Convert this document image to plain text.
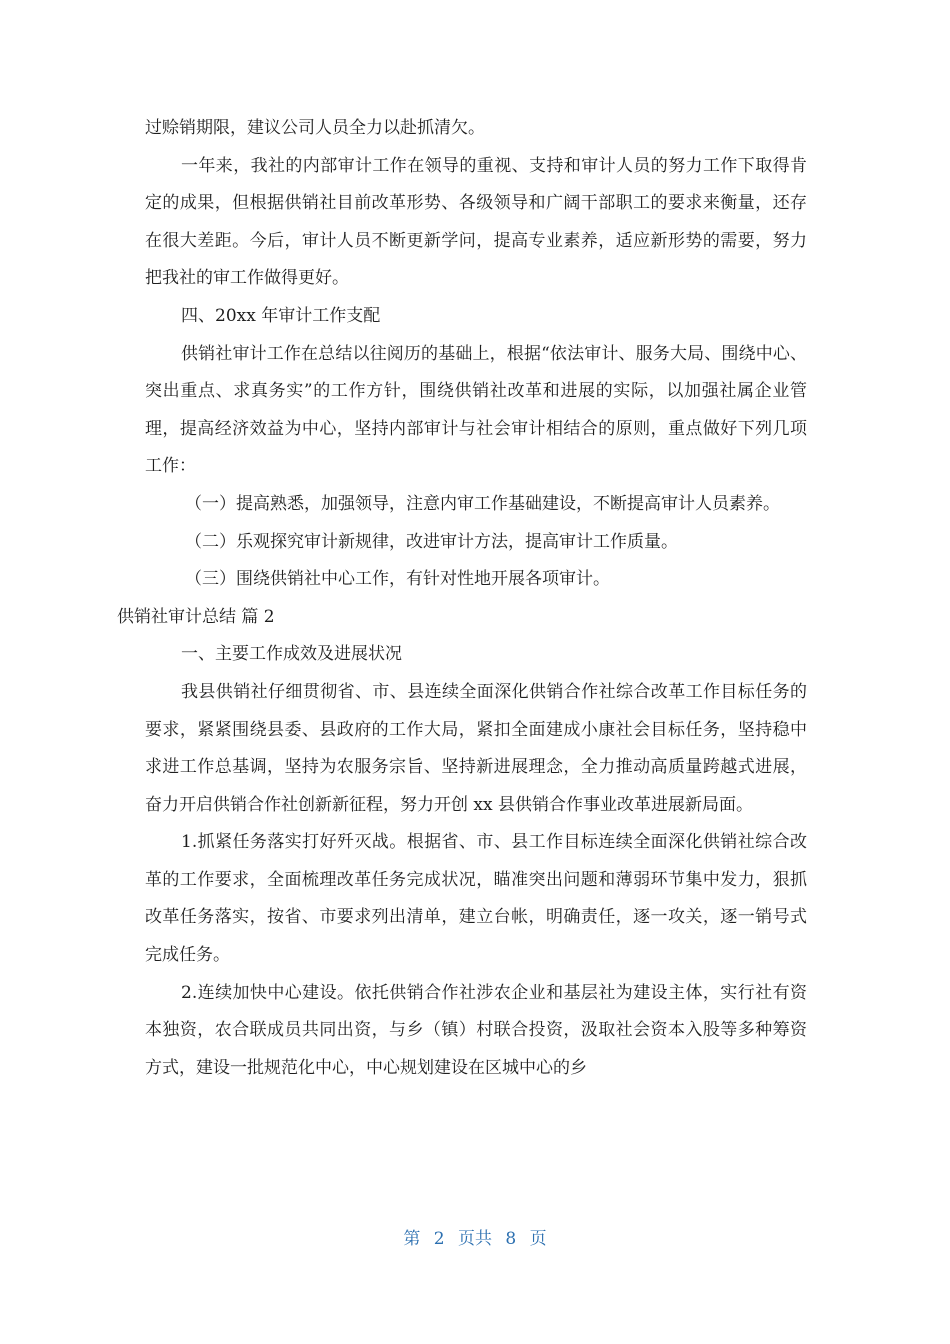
过赊销期限，建议公司人员全力以赴抓清欠。

一年来，我社的内部审计工作在领导的重视、支持和审计人员的努力工作下取得肯定的成果，但根据供销社目前改革形势、各级领导和广阔干部职工的要求来衡量，还存在很大差距。今后，审计人员不断更新学问，提高专业素养，适应新形势的需要，努力把我社的审工作做得更好。

四、20xx 年审计工作支配

供销社审计工作在总结以往阅历的基础上，根据“依法审计、服务大局、围绕中心、突出重点、求真务实”的工作方针，围绕供销社改革和进展的实际，以加强社属企业管理，提高经济效益为中心，坚持内部审计与社会审计相结合的原则，重点做好下列几项工作：

（一）提高熟悉，加强领导，注意内审工作基础建设，不断提高审计人员素养。

（二）乐观探究审计新规律，改进审计方法，提高审计工作质量。

（三）围绕供销社中心工作，有针对性地开展各项审计。

供销社审计总结 篇 2

一、主要工作成效及进展状况

我县供销社仔细贯彻省、市、县连续全面深化供销合作社综合改革工作目标任务的要求，紧紧围绕县委、县政府的工作大局，紧扣全面建成小康社会目标任务，坚持稳中求进工作总基调，坚持为农服务宗旨、坚持新进展理念，全力推动高质量跨越式进展，奋力开启供销合作社创新新征程，努力开创 xx 县供销合作事业改革进展新局面。

1.抓紧任务落实打好歼灭战。根据省、市、县工作目标连续全面深化供销社综合改革的工作要求，全面梳理改革任务完成状况，瞄准突出问题和薄弱环节集中发力，狠抓改革任务落实，按省、市要求列出清单，建立台帐，明确责任，逐一攻关，逐一销号式完成任务。

2.连续加快中心建设。依托供销合作社涉农企业和基层社为建设主体，实行社有资本独资，农合联成员共同出资，与乡（镇）村联合投资，汲取社会资本入股等多种筹资方式，建设一批规范化中心，中心规划建设在区城中心的乡

第 2 页共 8 页
